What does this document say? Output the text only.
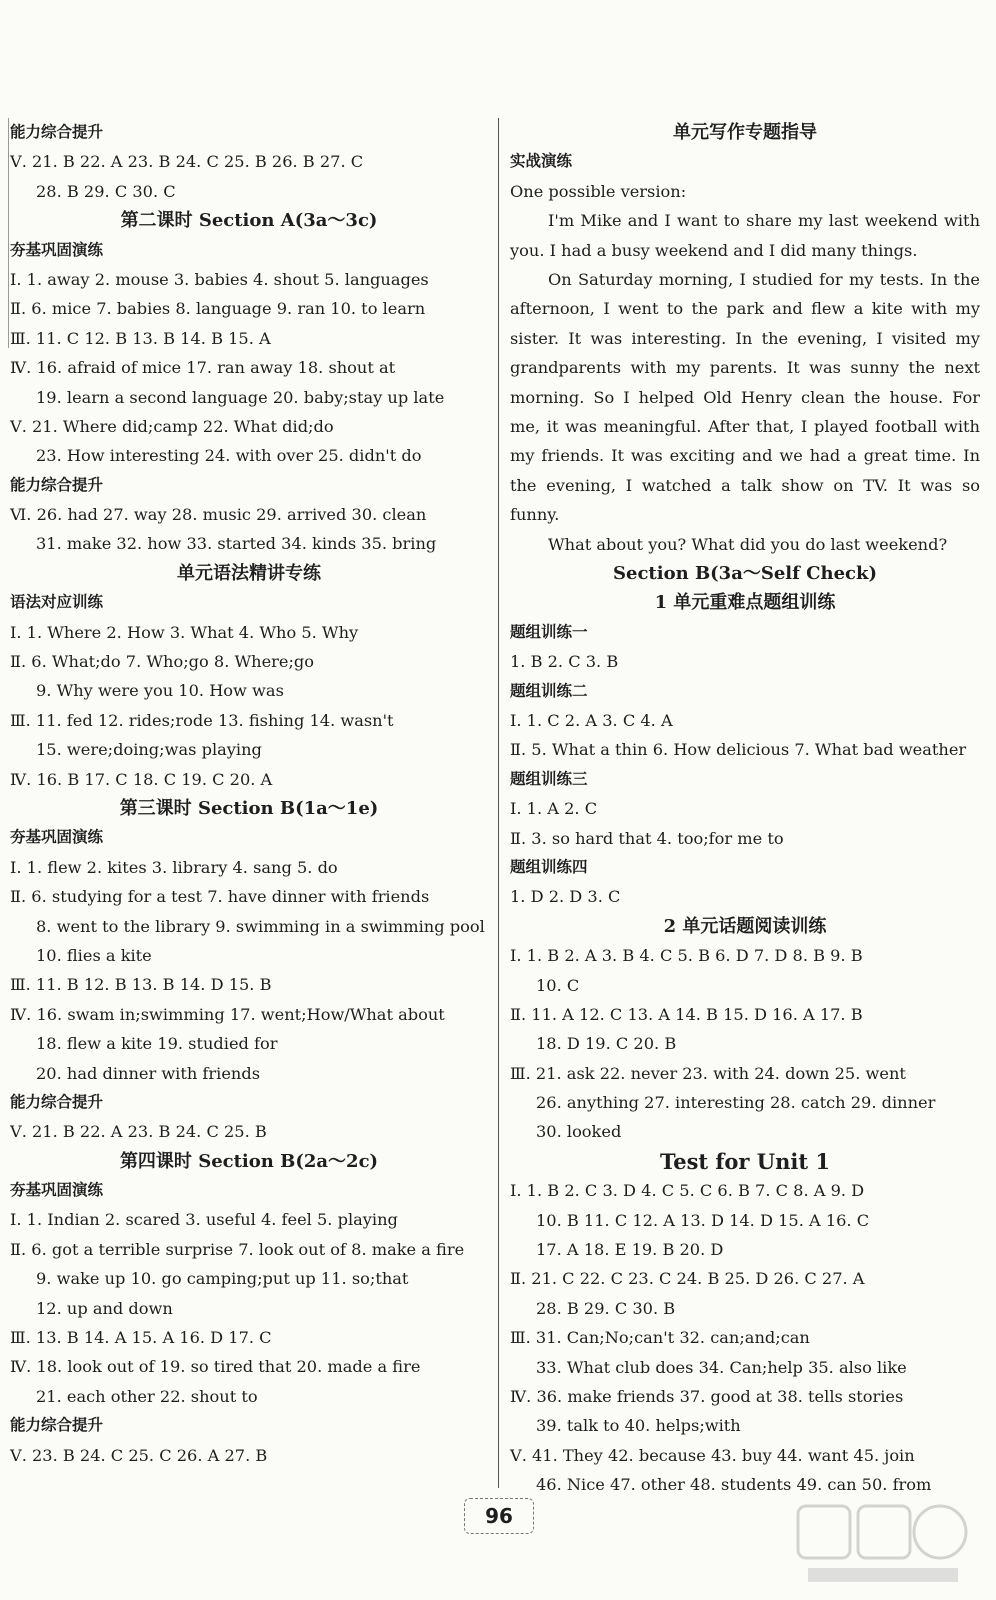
能力综合提升
Ⅴ. 21. B 22. A 23. B 24. C 25. B 26. B 27. C
28. B 29. C 30. C
第二课时 Section A(3a～3c)
夯基巩固演练
Ⅰ. 1. away 2. mouse 3. babies 4. shout 5. languages
Ⅱ. 6. mice 7. babies 8. language 9. ran 10. to learn
Ⅲ. 11. C 12. B 13. B 14. B 15. A
Ⅳ. 16. afraid of mice 17. ran away 18. shout at
19. learn a second language 20. baby;stay up late
Ⅴ. 21. Where did;camp 22. What did;do
23. How interesting 24. with over 25. didn't do
能力综合提升
Ⅵ. 26. had 27. way 28. music 29. arrived 30. clean
31. make 32. how 33. started 34. kinds 35. bring
单元语法精讲专练
语法对应训练
Ⅰ. 1. Where 2. How 3. What 4. Who 5. Why
Ⅱ. 6. What;do 7. Who;go 8. Where;go
9. Why were you 10. How was
Ⅲ. 11. fed 12. rides;rode 13. fishing 14. wasn't
15. were;doing;was playing
Ⅳ. 16. B 17. C 18. C 19. C 20. A
第三课时 Section B(1a～1e)
夯基巩固演练
Ⅰ. 1. flew 2. kites 3. library 4. sang 5. do
Ⅱ. 6. studying for a test 7. have dinner with friends
8. went to the library 9. swimming in a swimming pool
10. flies a kite
Ⅲ. 11. B 12. B 13. B 14. D 15. B
Ⅳ. 16. swam in;swimming 17. went;How/What about
18. flew a kite 19. studied for
20. had dinner with friends
能力综合提升
Ⅴ. 21. B 22. A 23. B 24. C 25. B
第四课时 Section B(2a～2c)
夯基巩固演练
Ⅰ. 1. Indian 2. scared 3. useful 4. feel 5. playing
Ⅱ. 6. got a terrible surprise 7. look out of 8. make a fire
9. wake up 10. go camping;put up 11. so;that
12. up and down
Ⅲ. 13. B 14. A 15. A 16. D 17. C
Ⅳ. 18. look out of 19. so tired that 20. made a fire
21. each other 22. shout to
能力综合提升
Ⅴ. 23. B 24. C 25. C 26. A 27. B
单元写作专题指导
实战演练

One possible version:

I'm Mike and I want to share my last weekend with you. I had a busy weekend and I did many things.

On Saturday morning, I studied for my tests. In the afternoon, I went to the park and flew a kite with my sister. It was interesting. In the evening, I visited my grandparents with my parents. It was sunny the next morning. So I helped Old Henry clean the house. For me, it was meaningful. After that, I played football with my friends. It was exciting and we had a great time. In the evening, I watched a talk show on TV. It was so funny.

What about you? What did you do last weekend?

Section B(3a～Self Check)
1 单元重难点题组训练
题组训练一
1. B 2. C 3. B
题组训练二
Ⅰ. 1. C 2. A 3. C 4. A
Ⅱ. 5. What a thin 6. How delicious 7. What bad weather
题组训练三
Ⅰ. 1. A 2. C
Ⅱ. 3. so hard that 4. too;for me to
题组训练四
1. D 2. D 3. C
2 单元话题阅读训练
Ⅰ. 1. B 2. A 3. B 4. C 5. B 6. D 7. D 8. B 9. B
10. C
Ⅱ. 11. A 12. C 13. A 14. B 15. D 16. A 17. B
18. D 19. C 20. B
Ⅲ. 21. ask 22. never 23. with 24. down 25. went
26. anything 27. interesting 28. catch 29. dinner
30. looked
Test for Unit 1
Ⅰ. 1. B 2. C 3. D 4. C 5. C 6. B 7. C 8. A 9. D
10. B 11. C 12. A 13. D 14. D 15. A 16. C
17. A 18. E 19. B 20. D
Ⅱ. 21. C 22. C 23. C 24. B 25. D 26. C 27. A
28. B 29. C 30. B
Ⅲ. 31. Can;No;can't 32. can;and;can
33. What club does 34. Can;help 35. also like
Ⅳ. 36. make friends 37. good at 38. tells stories
39. talk to 40. helps;with
Ⅴ. 41. They 42. because 43. buy 44. want 45. join
46. Nice 47. other 48. students 49. can 50. from
96
